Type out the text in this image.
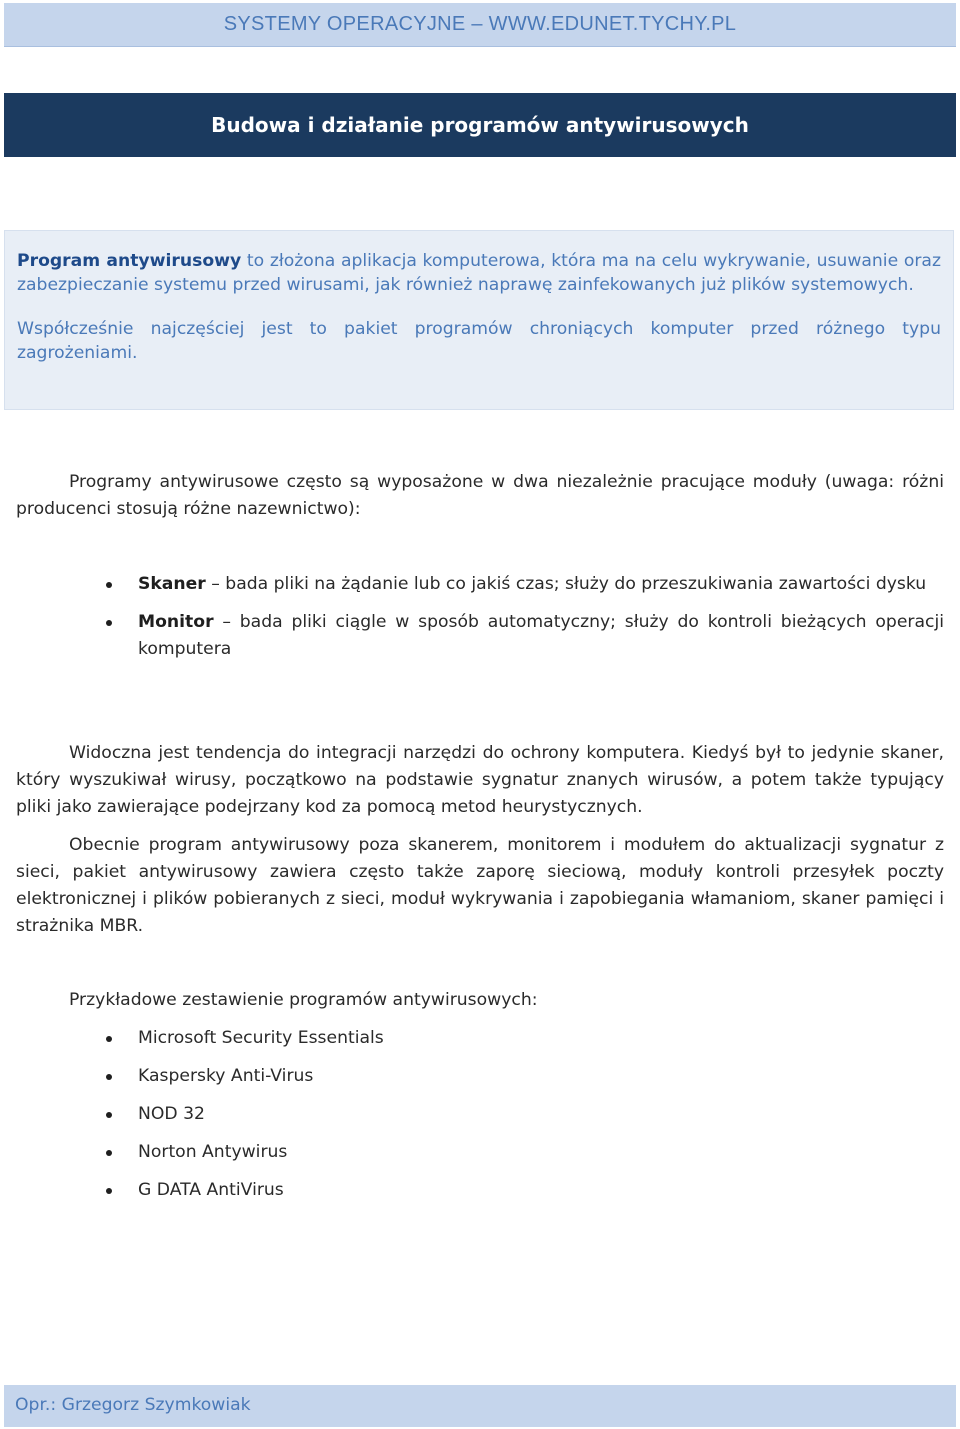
SYSTEMY OPERACYJNE – WWW.EDUNET.TYCHY.PL
Budowa i działanie programów antywirusowych

Program antywirusowy to złożona aplikacja komputerowa, która ma na celu wykrywanie, usuwanie oraz zabezpieczanie systemu przed wirusami, jak również naprawę zainfekowanych już plików systemowych.

Współcześnie najczęściej jest to pakiet programów chroniących komputer przed różnego typu zagrożeniami.

Programy antywirusowe często są wyposażone w dwa niezależnie pracujące moduły (uwaga: różni producenci stosują różne nazewnictwo):

Skaner – bada pliki na żądanie lub co jakiś czas; służy do przeszukiwania zawartości dysku
Monitor – bada pliki ciągle w sposób automatyczny; służy do kontroli bieżących operacji komputera

Widoczna jest tendencja do integracji narzędzi do ochrony komputera. Kiedyś był to jedynie skaner, który wyszukiwał wirusy, początkowo na podstawie sygnatur znanych wirusów, a potem także typujący pliki jako zawierające podejrzany kod za pomocą metod heurystycznych.

Obecnie program antywirusowy poza skanerem, monitorem i modułem do aktualizacji sygnatur z sieci, pakiet antywirusowy zawiera często także zaporę sieciową, moduły kontroli przesyłek poczty elektronicznej i plików pobieranych z sieci, moduł wykrywania i zapobiegania włamaniom, skaner pamięci i strażnika MBR.

Przykładowe zestawienie programów antywirusowych:
Microsoft Security Essentials
Kaspersky Anti-Virus
NOD 32
Norton Antywirus
G DATA AntiVirus
Opr.: Grzegorz Szymkowiak
